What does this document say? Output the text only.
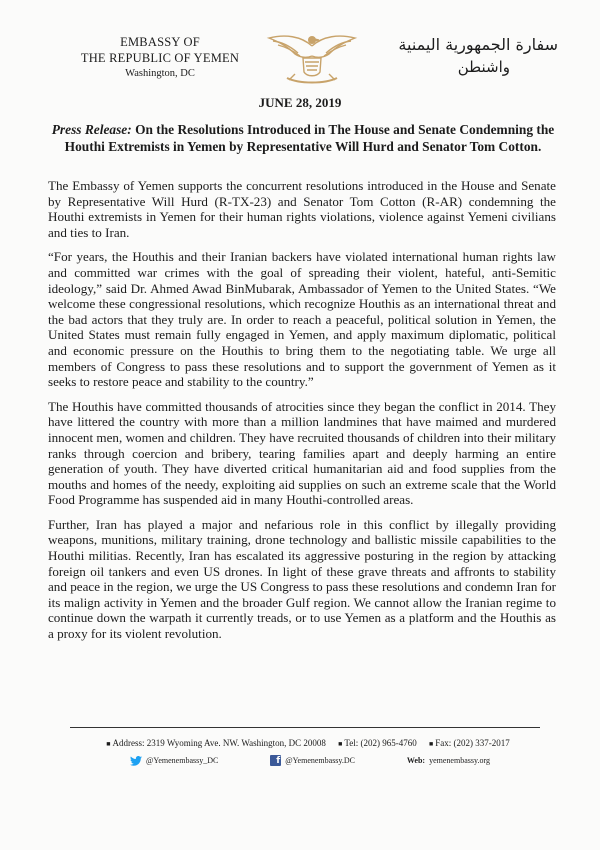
EMBASSY OF
THE REPUBLIC OF YEMEN
Washington, DC
سفارة الجمهورية اليمنية
واشنطن
JUNE 28, 2019
Press Release: On the Resolutions Introduced in The House and Senate Condemning the Houthi Extremists in Yemen by Representative Will Hurd and Senator Tom Cotton.

The Embassy of Yemen supports the concurrent resolutions introduced in the House and Senate by Representative Will Hurd (R-TX-23) and Senator Tom Cotton (R-AR) condemning the Houthi extremists in Yemen for their human rights violations, violence against Yemeni civilians and ties to Iran.

“For years, the Houthis and their Iranian backers have violated international human rights law and committed war crimes with the goal of spreading their violent, hateful, anti-Semitic ideology,” said Dr. Ahmed Awad BinMubarak, Ambassador of Yemen to the United States. “We welcome these congressional resolutions, which recognize Houthis as an international threat and the bad actors that they truly are. In order to reach a peaceful, political solution in Yemen, the United States must remain fully engaged in Yemen, and apply maximum diplomatic, political and economic pressure on the Houthis to bring them to the negotiating table. We urge all members of Congress to pass these resolutions and to support the government of Yemen as it seeks to restore peace and stability to the country.”

The Houthis have committed thousands of atrocities since they began the conflict in 2014. They have littered the country with more than a million landmines that have maimed and murdered innocent men, women and children. They have recruited thousands of children into their military ranks through coercion and bribery, tearing families apart and deeply harming an entire generation of youth. They have diverted critical humanitarian aid and food supplies from the mouths and homes of the needy, exploiting aid supplies on such an extreme scale that the World Food Programme has suspended aid in many Houthi-controlled areas.

Further, Iran has played a major and nefarious role in this conflict by illegally providing weapons, munitions, military training, drone technology and ballistic missile capabilities to the Houthi militias. Recently, Iran has escalated its aggressive posturing in the region by attacking foreign oil tankers and even US drones. In light of these grave threats and affronts to stability and peace in the region, we urge the US Congress to pass these resolutions and condemn Iran for its malign activity in Yemen and the broader Gulf region. We cannot allow the Iranian regime to continue down the warpath it currently treads, or to use Yemen as a platform and the Houthis as a proxy for its violent revolution.

■ Address: 2319 Wyoming Ave. NW. Washington, DC 20008 ■ Tel: (202) 965-4760 ■ Fax: (202) 337-2017
@Yemenembassy_DC	f @Yemenembassy.DC	Web: yemenembassy.org
